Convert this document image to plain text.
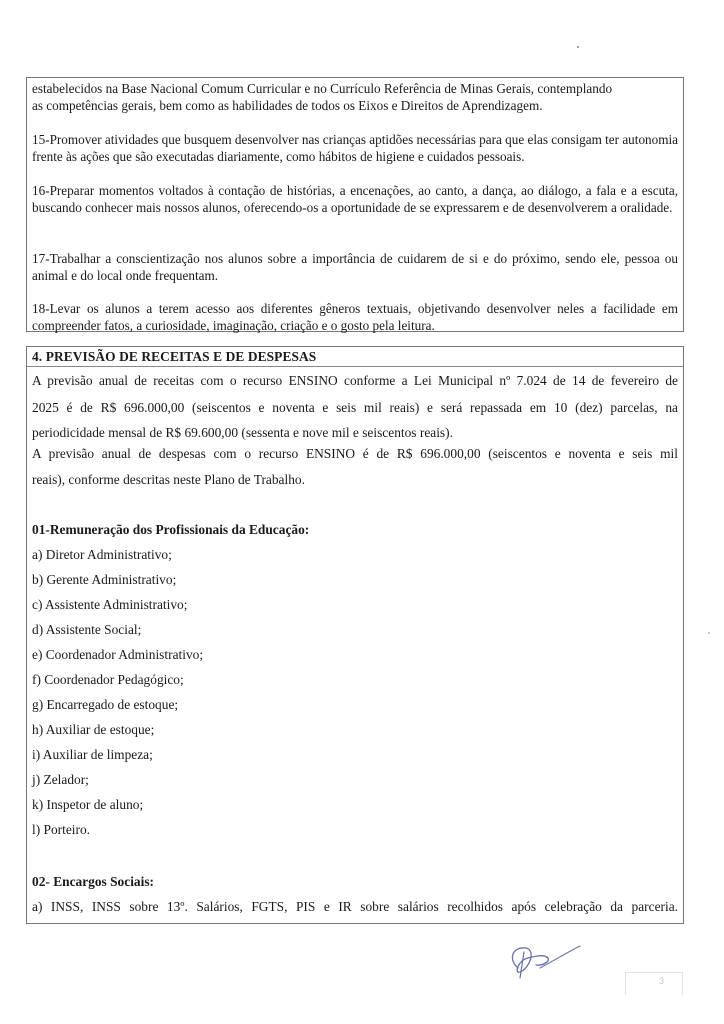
estabelecidos na Base Nacional Comum Curricular e no Currículo Referência de Minas Gerais, contemplando
as competências gerais, bem como as habilidades de todos os Eixos e Direitos de Aprendizagem.
15-Promover atividades que busquem desenvolver nas crianças aptidões necessárias para que elas consigam ter autonomia frente às ações que são executadas diariamente, como hábitos de higiene e cuidados pessoais.
16-Preparar momentos voltados à contação de histórias, a encenações, ao canto, a dança, ao diálogo, a fala e a escuta, buscando conhecer mais nossos alunos, oferecendo-os a oportunidade de se expressarem e de desenvolverem a oralidade.
17-Trabalhar a conscientização nos alunos sobre a importância de cuidarem de si e do próximo, sendo ele, pessoa ou animal e do local onde frequentam.
18-Levar os alunos a terem acesso aos diferentes gêneros textuais, objetivando desenvolver neles a facilidade em compreender fatos, a curiosidade, imaginação, criação e o gosto pela leitura.
4. PREVISÃO DE RECEITAS E DE DESPESAS
A previsão anual de receitas com o recurso ENSINO conforme a Lei Municipal nº 7.024 de 14 de fevereiro de
2025 é de R$ 696.000,00 (seiscentos e noventa e seis mil reais) e será repassada em 10 (dez) parcelas, na
periodicidade mensal de R$ 69.600,00 (sessenta e nove mil e seiscentos reais).
A previsão anual de despesas com o recurso ENSINO é de R$ 696.000,00 (seiscentos e noventa e seis mil
reais), conforme descritas neste Plano de Trabalho.
01-Remuneração dos Profissionais da Educação:
a) Diretor Administrativo;
b) Gerente Administrativo;
c) Assistente Administrativo;
d) Assistente Social;
e) Coordenador Administrativo;
f) Coordenador Pedagógico;
g) Encarregado de estoque;
h) Auxiliar de estoque;
i) Auxiliar de limpeza;
j) Zelador;
k) Inspetor de aluno;
l) Porteiro.
02- Encargos Sociais:
a) INSS, INSS sobre 13º. Salários, FGTS, PIS e IR sobre salários recolhidos após celebração da parceria.
3
